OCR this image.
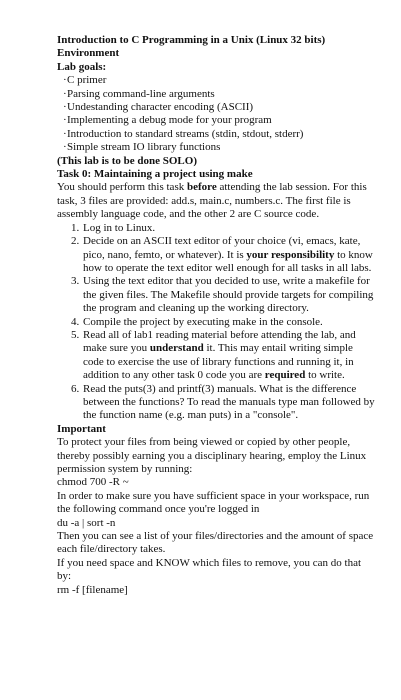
Introduction to C Programming in a Unix (Linux 32 bits) Environment

Lab goals:

· C primer
· Parsing command-line arguments
· Undestanding character encoding (ASCII)
· Implementing a debug mode for your program
· Introduction to standard streams (stdin, stdout, stderr)
· Simple stream IO library functions

(This lab is to be done SOLO)

Task 0: Maintaining a project using make

You should perform this task before attending the lab session. For this task, 3 files are provided: add.s, main.c, numbers.c. The first file is assembly language code, and the other 2 are C source code.

1. Log in to Linux.
2. Decide on an ASCII text editor of your choice (vi, emacs, kate, pico, nano, femto, or whatever). It is your responsibility to know how to operate the text editor well enough for all tasks in all labs.
3. Using the text editor that you decided to use, write a makefile for the given files. The Makefile should provide targets for compiling the program and cleaning up the working directory.
4. Compile the project by executing make in the console.
5. Read all of lab1 reading material before attending the lab, and make sure you understand it. This may entail writing simple code to exercise the use of library functions and running it, in addition to any other task 0 code you are required to write.
6. Read the puts(3) and printf(3) manuals. What is the difference between the functions? To read the manuals type man followed by the function name (e.g. man puts) in a "console".

Important

To protect your files from being viewed or copied by other people, thereby possibly earning you a disciplinary hearing, employ the Linux permission system by running:

chmod 700 -R ~

In order to make sure you have sufficient space in your workspace, run the following command once you're logged in

du -a | sort -n

Then you can see a list of your files/directories and the amount of space each file/directory takes.

If you need space and KNOW which files to remove, you can do that by:

rm -f [filename]
